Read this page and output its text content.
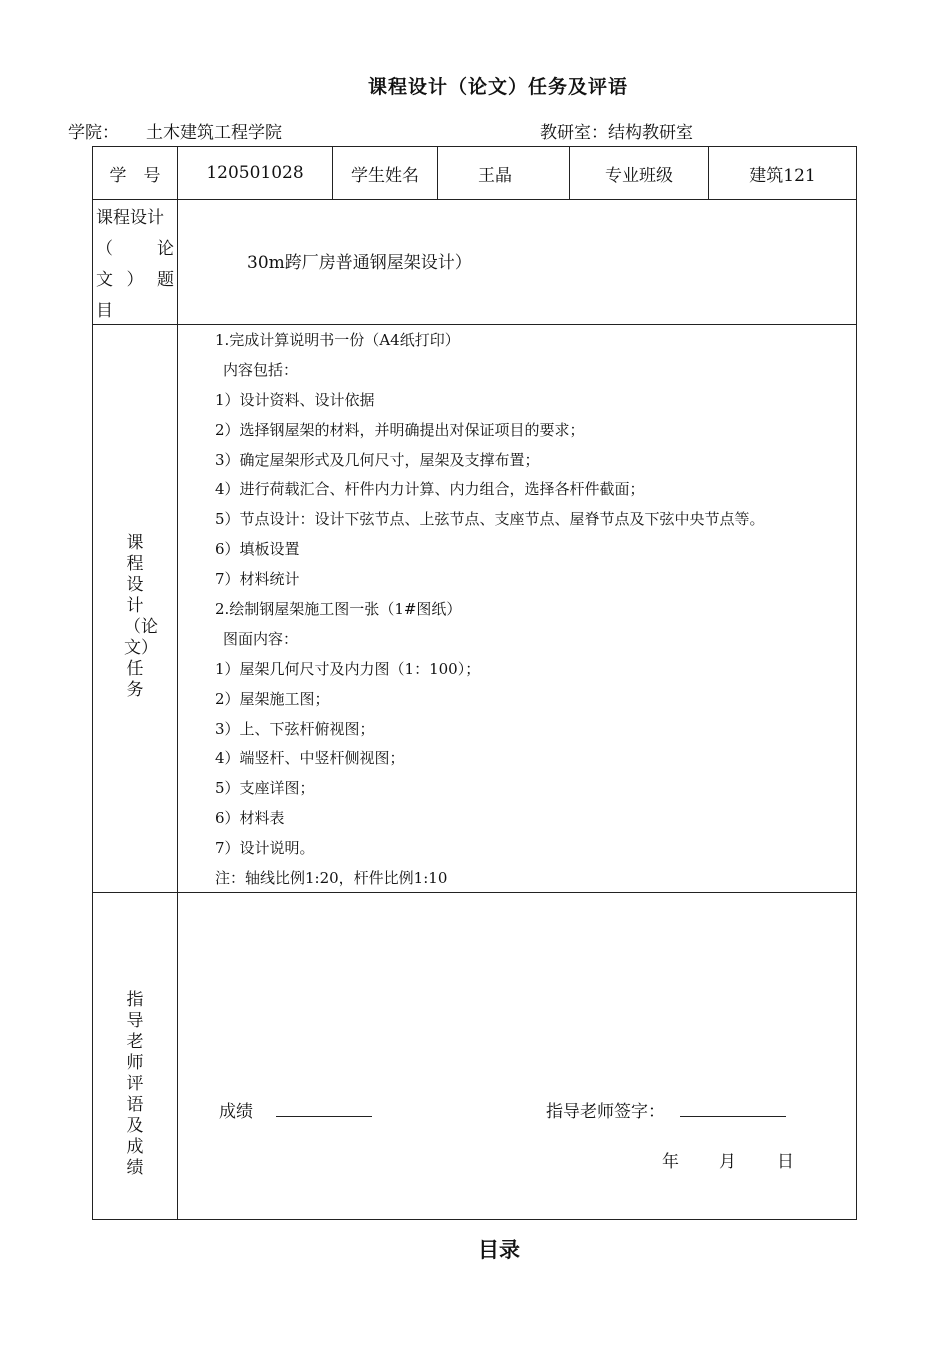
课程设计（论文）任务及评语
学院： 土木建筑工程学院	教研室：结构教研室
学　号	120501028	学生姓名	王晶	专业班级	建筑121
课程设计
（	论
文 ） 题
目
30m跨厂房普通钢屋架设计）
课程设计（论文）任务
1.完成计算说明书一份（A4纸打印）
内容包括：
1）设计资料、设计依据
2）选择钢屋架的材料，并明确提出对保证项目的要求；
3）确定屋架形式及几何尺寸，屋架及支撑布置；
4）进行荷载汇合、杆件内力计算、内力组合，选择各杆件截面；
5）节点设计：设计下弦节点、上弦节点、支座节点、屋脊节点及下弦中央节点等。
6）填板设置
7）材料统计
2.绘制钢屋架施工图一张（1#图纸）
图面内容：
1）屋架几何尺寸及内力图（1：100）；
2）屋架施工图；
3）上、下弦杆俯视图；
4）端竖杆、中竖杆侧视图；
5）支座详图；
6）材料表
7）设计说明。
注：轴线比例1:20，杆件比例1:10
指导老师评语及成绩
成绩	指导老师签字：
年 月 日
目录
